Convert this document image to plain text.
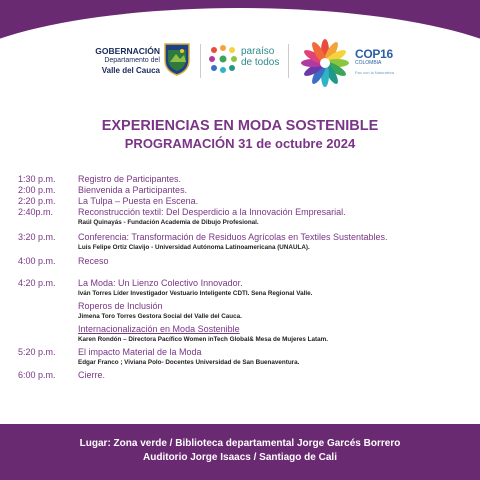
GOBERNACIÓN
Departamento del
Valle del Cauca
paraíso
de todos
COP16
COLOMBIA
Paz con la Naturaleza
EXPERIENCIAS EN MODA SOSTENIBLE
PROGRAMACIÓN 31 de octubre 2024
1:30 p.m.	Registro de Participantes.
2:00 p.m.	Bienvenida a Participantes.
2:20 p.m.	La Tulpa – Puesta en Escena.
2:40p.m.	Reconstrucción textil: Del Desperdicio a la Innovación Empresarial.
Raúl Quinayás - Fundación Academia de Dibujo Profesional.
3:20 p.m.	Conferencia: Transformación de Residuos Agrícolas en Textiles Sustentables.
Luis Felipe Ortiz Clavijo - Universidad Autónoma Latinoamericana (UNAULA).
4:00 p.m.	Receso
4:20 p.m.	La Moda: Un Lienzo Colectivo Innovador.
Iván Torres Líder Investigador Vestuario Inteligente CDTI. Sena Regional Valle.
Roperos de Inclusión
Jimena Toro Torres Gestora Social del Valle del Cauca.
Internacionalización en Moda Sostenible
Karen Rondón – Directora Pacífico Women inTech Global& Mesa de Mujeres Latam.
5:20 p.m.	El impacto Material de la Moda
Edgar Franco ; Viviana Polo- Docentes Universidad de San Buenaventura.
6:00 p.m.	Cierre.
Lugar: Zona verde / Biblioteca departamental Jorge Garcés Borrero
Auditorio Jorge Isaacs / Santiago de Cali
